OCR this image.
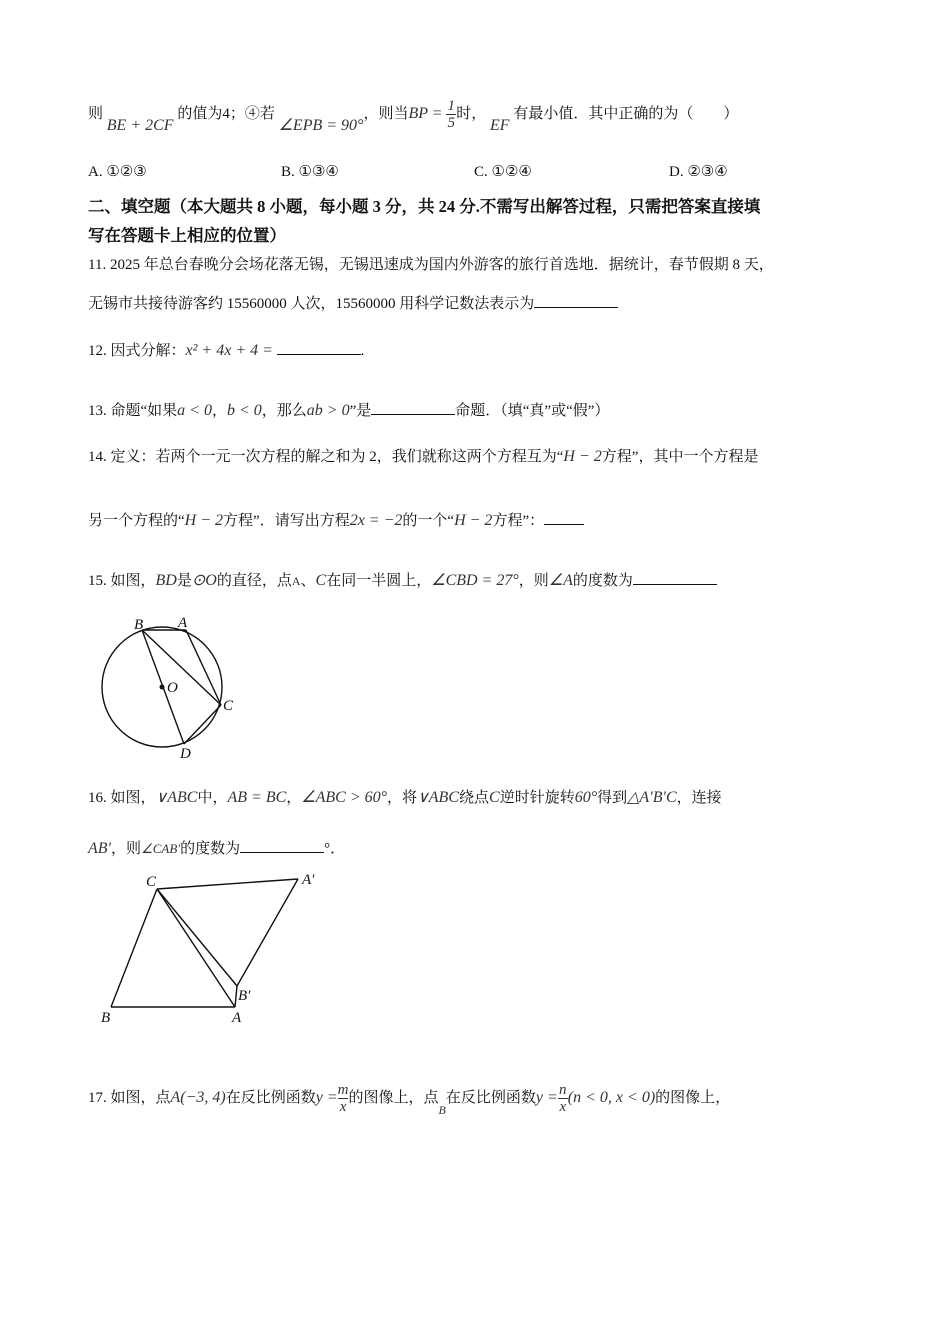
则 BE + 2CF 的值为4；④若 ∠EPB = 90°，则当BP = $\frac{1}{5}$ 时， EF 有最小值．其中正确的为（　　）
A. ①②③	B. ①③④	C. ①②④	D. ②③④
二、填空题（本大题共 8 小题，每小题 3 分，共 24 分.不需写出解答过程，只需把答案直接填
写在答题卡上相应的位置）
11. 2025 年总台春晚分会场花落无锡，无锡迅速成为国内外游客的旅行首选地．据统计，春节假期 8 天，
无锡市共接待游客约 15560000 人次，15560000 用科学记数法表示为
12. 因式分解：x² + 4x + 4 =	.
13. 命题“如果a < 0，b < 0，那么ab > 0”是	命题．（填“真”或“假”）
14. 定义：若两个一元一次方程的解之和为 2，我们就称这两个方程互为“H − 2方程”，其中一个方程是
另一个方程的“H − 2方程”．请写出方程2x = −2的一个“H − 2方程”：
15. 如图，BD是⊙O的直径，点A、C在同一半圆上，∠CBD = 27°，则∠A的度数为
B A
O
C
D
C	A′
B′
B	A
16. 如图，∨ABC中，AB = BC，∠ABC > 60°，将∨ABC绕点C逆时针旋转60°得到△A′B′C，连接
AB′，则∠CAB′的度数为	°．
17. 如图，点A(−3, 4)在反比例函数$y = \frac{m}{x}$ 的图像上，点$_B$在反比例函数$y = \frac{n}{x} (n < 0$, x < 0)的图像上，
